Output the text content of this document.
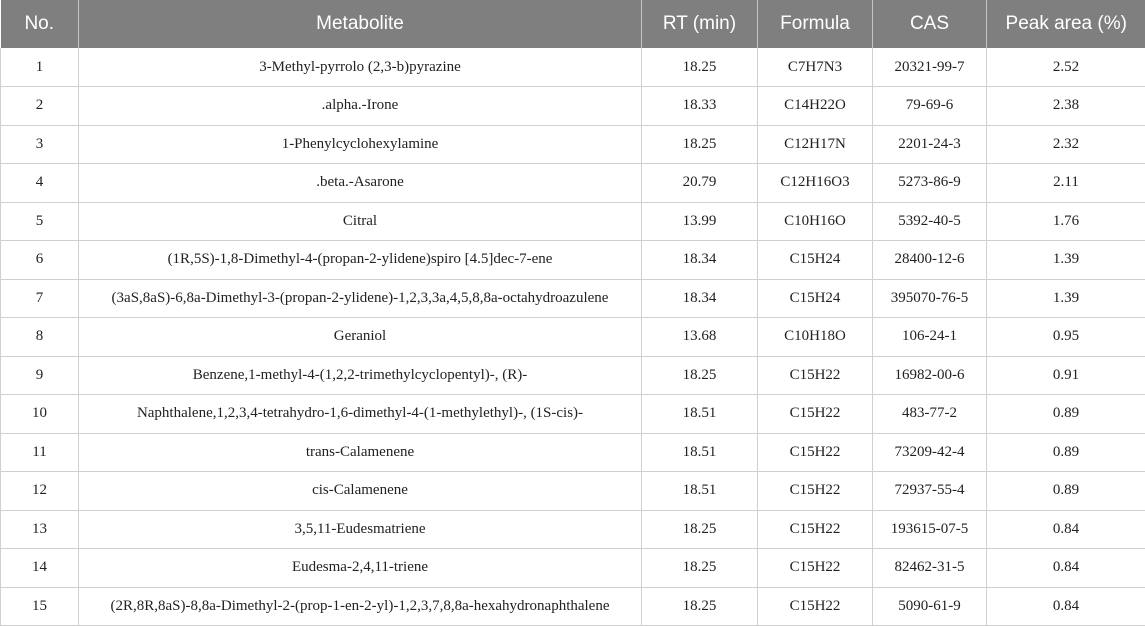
No.	Metabolite	RT (min)	Formula	CAS	Peak area (%)
1	3-Methyl-pyrrolo (2,3-b)pyrazine	18.25	C7H7N3	20321-99-7	2.52
2	.alpha.-Irone	18.33	C14H22O	79-69-6	2.38
3	1-Phenylcyclohexylamine	18.25	C12H17N	2201-24-3	2.32
4	.beta.-Asarone	20.79	C12H16O3	5273-86-9	2.11
5	Citral	13.99	C10H16O	5392-40-5	1.76
6	(1R,5S)-1,8-Dimethyl-4-(propan-2-ylidene)spiro [4.5]dec-7-ene	18.34	C15H24	28400-12-6	1.39
7	(3aS,8aS)-6,8a-Dimethyl-3-(propan-2-ylidene)-1,2,3,3a,4,5,8,8a-octahydroazulene	18.34	C15H24	395070-76-5	1.39
8	Geraniol	13.68	C10H18O	106-24-1	0.95
9	Benzene,1-methyl-4-(1,2,2-trimethylcyclopentyl)-, (R)-	18.25	C15H22	16982-00-6	0.91
10	Naphthalene,1,2,3,4-tetrahydro-1,6-dimethyl-4-(1-methylethyl)-, (1S-cis)-	18.51	C15H22	483-77-2	0.89
11	trans-Calamenene	18.51	C15H22	73209-42-4	0.89
12	cis-Calamenene	18.51	C15H22	72937-55-4	0.89
13	3,5,11-Eudesmatriene	18.25	C15H22	193615-07-5	0.84
14	Eudesma-2,4,11-triene	18.25	C15H22	82462-31-5	0.84
15	(2R,8R,8aS)-8,8a-Dimethyl-2-(prop-1-en-2-yl)-1,2,3,7,8,8a-hexahydronaphthalene	18.25	C15H22	5090-61-9	0.84
